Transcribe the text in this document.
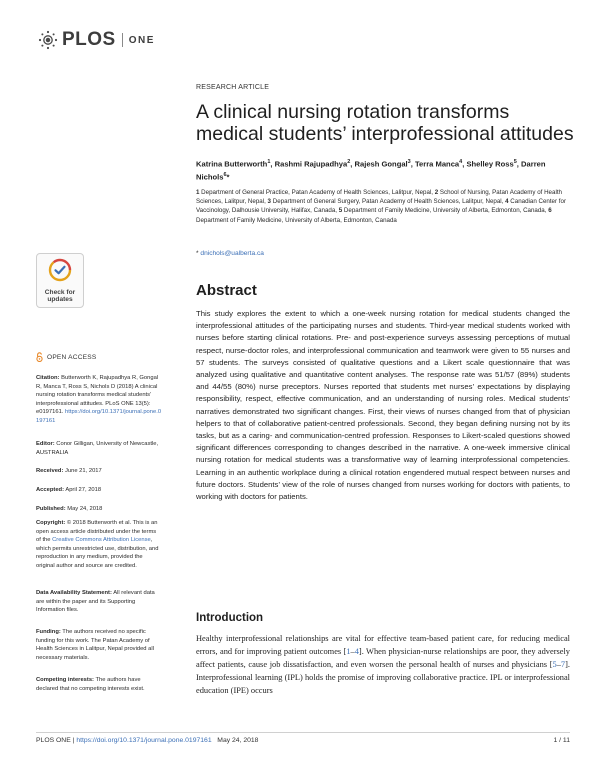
PLOS ONE
RESEARCH ARTICLE
A clinical nursing rotation transforms medical students’ interprofessional attitudes
Katrina Butterworth$^1$, Rashmi Rajupadhya$^2$, Rajesh Gongal$^3$, Terra Manca$^4$, Shelley Ross$^5$, Darren Nichols$^6$*
1 Department of General Practice, Patan Academy of Health Sciences, Lalitpur, Nepal, 2 School of Nursing, Patan Academy of Health Sciences, Lalitpur, Nepal, 3 Department of General Surgery, Patan Academy of Health Sciences, Lalitpur, Nepal, 4 Canadian Center for Vaccinology, Dalhousie University, Halifax, Canada, 5 Department of Family Medicine, University of Alberta, Edmonton, Canada, 6 Department of Family Medicine, University of Alberta, Edmonton, Canada
* dnichols@ualberta.ca
Abstract

This study explores the extent to which a one-week nursing rotation for medical students changed the interprofessional attitudes of the participating nurses and students. Third-year medical students worked with nurses before starting clinical rotations. Pre- and post-experience surveys assessing perceptions of mutual respect, nurse-doctor roles, and interprofessional communication and teamwork were given to 55 nurses and 57 students. The surveys consisted of qualitative questions and a Likert scale questionnaire that was analyzed using qualitative and quantitative content analyses. The response rate was 51/57 (89%) students and 44/55 (80%) nurse preceptors. Nurses reported that students met nurses’ expectations by displaying responsibility, respect, effective communication, and an understanding of nursing roles. Medical students’ narratives demonstrated two significant changes. First, their views of nurses changed from that of physician helpers to that of collaborative patient-centred professionals. Second, they began defining nursing not by its tasks, but as a caring- and communication-centred profession. Responses to Likert-scaled questions showed significant differences corresponding to changes described in the narrative. A one-week immersive clinical nursing rotation for medical students was a transformative way of learning interprofessional competencies. Learning in an authentic workplace during a clinical rotation engendered mutual respect between nurses and future doctors. Students’ view of the role of nurses changed from nurses working for doctors with patients, to working with doctors for patients.

Introduction

Healthy interprofessional relationships are vital for effective team-based patient care, for reducing medical errors, and for improving patient outcomes [1–4]. When physician-nurse relationships are poor, they adversely affect patients, cause job dissatisfaction, and even worsen the personal health of nurses and physicians [5–7]. Interprofessional learning (IPL) holds the promise of improving collaborative practice. IPL or interprofessional education (IPE) occurs

Check for updates
OPEN ACCESS
Citation: Butterworth K, Rajupadhya R, Gongal R, Manca T, Ross S, Nichols D (2018) A clinical nursing rotation transforms medical students’ interprofessional attitudes. PLoS ONE 13(5): e0197161. https://doi.org/10.1371/journal.pone.0197161
Editor: Conor Gilligan, University of Newcastle, AUSTRALIA
Received: June 21, 2017
Accepted: April 27, 2018
Published: May 24, 2018
Copyright: © 2018 Butterworth et al. This is an open access article distributed under the terms of the Creative Commons Attribution License, which permits unrestricted use, distribution, and reproduction in any medium, provided the original author and source are credited.
Data Availability Statement: All relevant data are within the paper and its Supporting Information files.
Funding: The authors received no specific funding for this work. The Patan Academy of Health Sciences in Lalitpur, Nepal provided all necessary materials.
Competing interests: The authors have declared that no competing interests exist.
PLOS ONE | https://doi.org/10.1371/journal.pone.0197161 May 24, 2018	1 / 11
